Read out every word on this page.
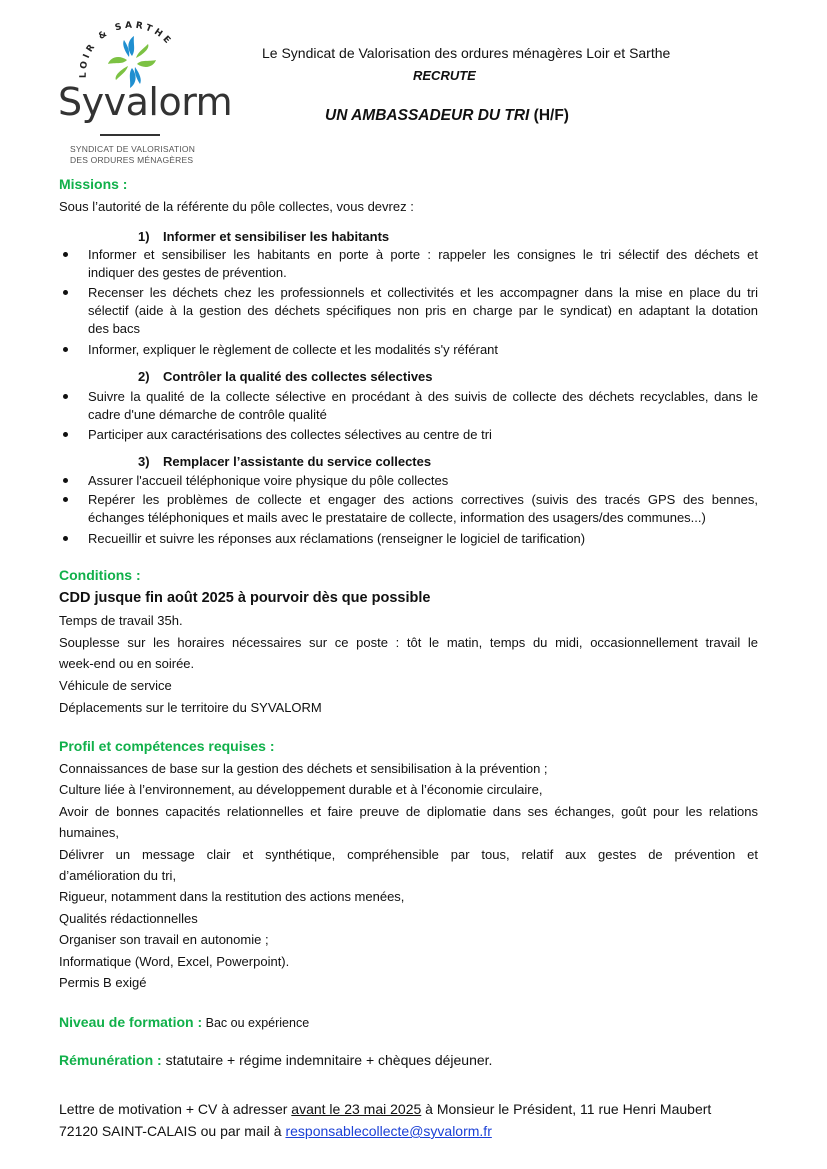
LOIR & SARTHE
Syvalorm
SYNDICAT DE VALORISATION
DES ORDURES MÉNAGÈRES
Le Syndicat de Valorisation des ordures ménagères Loir et Sarthe
RECRUTE
UN AMBASSADEUR DU TRI (H/F)
Missions :
Sous l’autorité de la référente du pôle collectes, vous devrez :
1) Informer et sensibiliser les habitants
Informer et sensibiliser les habitants en porte à porte : rappeler les consignes le tri sélectif des déchets et
indiquer des gestes de prévention.
Recenser les déchets chez les professionnels et collectivités et les accompagner dans la mise en place du tri
sélectif (aide à la gestion des déchets spécifiques non pris en charge par le syndicat) en adaptant la dotation
des bacs
Informer, expliquer le règlement de collecte et les modalités s'y référant
2) Contrôler la qualité des collectes sélectives
Suivre la qualité de la collecte sélective en procédant à des suivis de collecte des déchets recyclables, dans le
cadre d'une démarche de contrôle qualité
Participer aux caractérisations des collectes sélectives au centre de tri
3) Remplacer l’assistante du service collectes
Assurer l'accueil téléphonique voire physique du pôle collectes
Repérer les problèmes de collecte et engager des actions correctives (suivis des tracés GPS des bennes,
échanges téléphoniques et mails avec le prestataire de collecte, information des usagers/des communes...)
Recueillir et suivre les réponses aux réclamations (renseigner le logiciel de tarification)
Conditions :
CDD jusque fin août 2025 à pourvoir dès que possible
Temps de travail 35h.
Souplesse sur les horaires nécessaires sur ce poste : tôt le matin, temps du midi, occasionnellement travail le
week-end ou en soirée.
Véhicule de service
Déplacements sur le territoire du SYVALORM
Profil et compétences requises :
Connaissances de base sur la gestion des déchets et sensibilisation à la prévention ;
Culture liée à l’environnement, au développement durable et à l’économie circulaire,
Avoir de bonnes capacités relationnelles et faire preuve de diplomatie dans ses échanges, goût pour les relations
humaines,
Délivrer un message clair et synthétique, compréhensible par tous, relatif aux gestes de prévention et
d’amélioration du tri,
Rigueur, notamment dans la restitution des actions menées,
Qualités rédactionnelles
Organiser son travail en autonomie ;
Informatique (Word, Excel, Powerpoint).
Permis B exigé
Niveau de formation : Bac ou expérience
Rémunération : statutaire + régime indemnitaire + chèques déjeuner.
Lettre de motivation + CV à adresser avant le 23 mai 2025 à Monsieur le Président, 11 rue Henri Maubert
72120 SAINT-CALAIS ou par mail à responsablecollecte@syvalorm.fr
